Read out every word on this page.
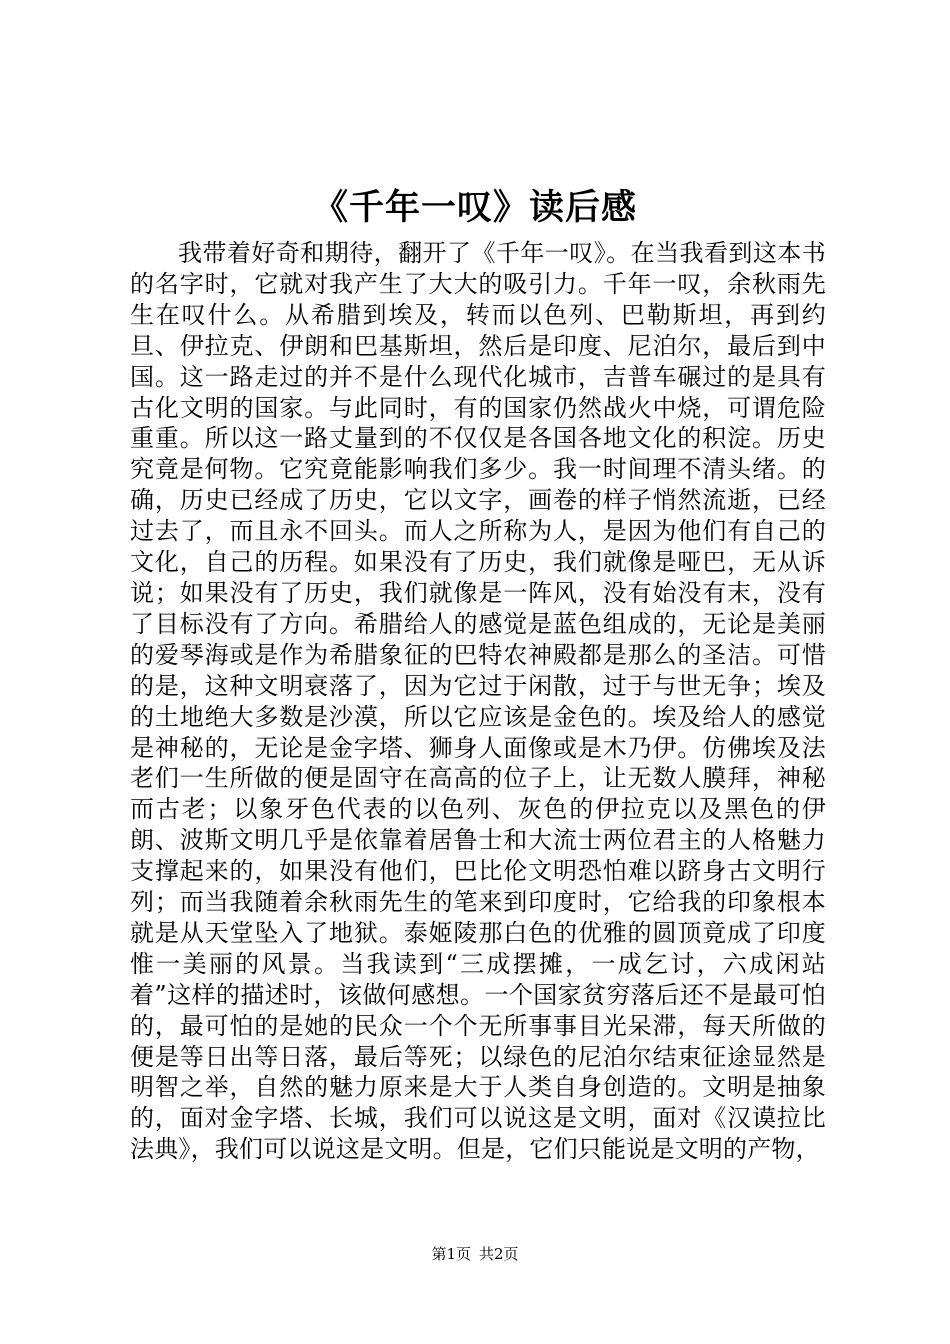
《千年一叹》读后感

我带着好奇和期待，翻开了《千年一叹》。在当我看到这本书的名字时，它就对我产生了大大的吸引力。千年一叹，余秋雨先生在叹什么。从希腊到埃及，转而以色列、巴勒斯坦，再到约旦、伊拉克、伊朗和巴基斯坦，然后是印度、尼泊尔，最后到中国。这一路走过的并不是什么现代化城市，吉普车碾过的是具有古化文明的国家。与此同时，有的国家仍然战火中烧，可谓危险重重。所以这一路丈量到的不仅仅是各国各地文化的积淀。历史究竟是何物。它究竟能影响我们多少。我一时间理不清头绪。的确，历史已经成了历史，它以文字，画卷的样子悄然流逝，已经过去了，而且永不回头。而人之所称为人，是因为他们有自己的文化，自己的历程。如果没有了历史，我们就像是哑巴，无从诉说；如果没有了历史，我们就像是一阵风，没有始没有末，没有了目标没有了方向。希腊给人的感觉是蓝色组成的，无论是美丽的爱琴海或是作为希腊象征的巴特农神殿都是那么的圣洁。可惜的是，这种文明衰落了，因为它过于闲散，过于与世无争；埃及的土地绝大多数是沙漠，所以它应该是金色的。埃及给人的感觉是神秘的，无论是金字塔、狮身人面像或是木乃伊。仿佛埃及法老们一生所做的便是固守在高高的位子上，让无数人膜拜，神秘而古老；以象牙色代表的以色列、灰色的伊拉克以及黑色的伊朗、波斯文明几乎是依靠着居鲁士和大流士两位君主的人格魅力支撑起来的，如果没有他们，巴比伦文明恐怕难以跻身古文明行列；而当我随着余秋雨先生的笔来到印度时，它给我的印象根本就是从天堂坠入了地狱。泰姬陵那白色的优雅的圆顶竟成了印度惟一美丽的风景。当我读到“三成摆摊，一成乞讨，六成闲站着”这样的描述时，该做何感想。一个国家贫穷落后还不是最可怕的，最可怕的是她的民众一个个无所事事目光呆滞，每天所做的便是等日出等日落，最后等死；以绿色的尼泊尔结束征途显然是明智之举，自然的魅力原来是大于人类自身创造的。文明是抽象的，面对金字塔、长城，我们可以说这是文明，面对《汉谟拉比法典》，我们可以说这是文明。但是，它们只能说是文明的产物，

第1页 共2页
